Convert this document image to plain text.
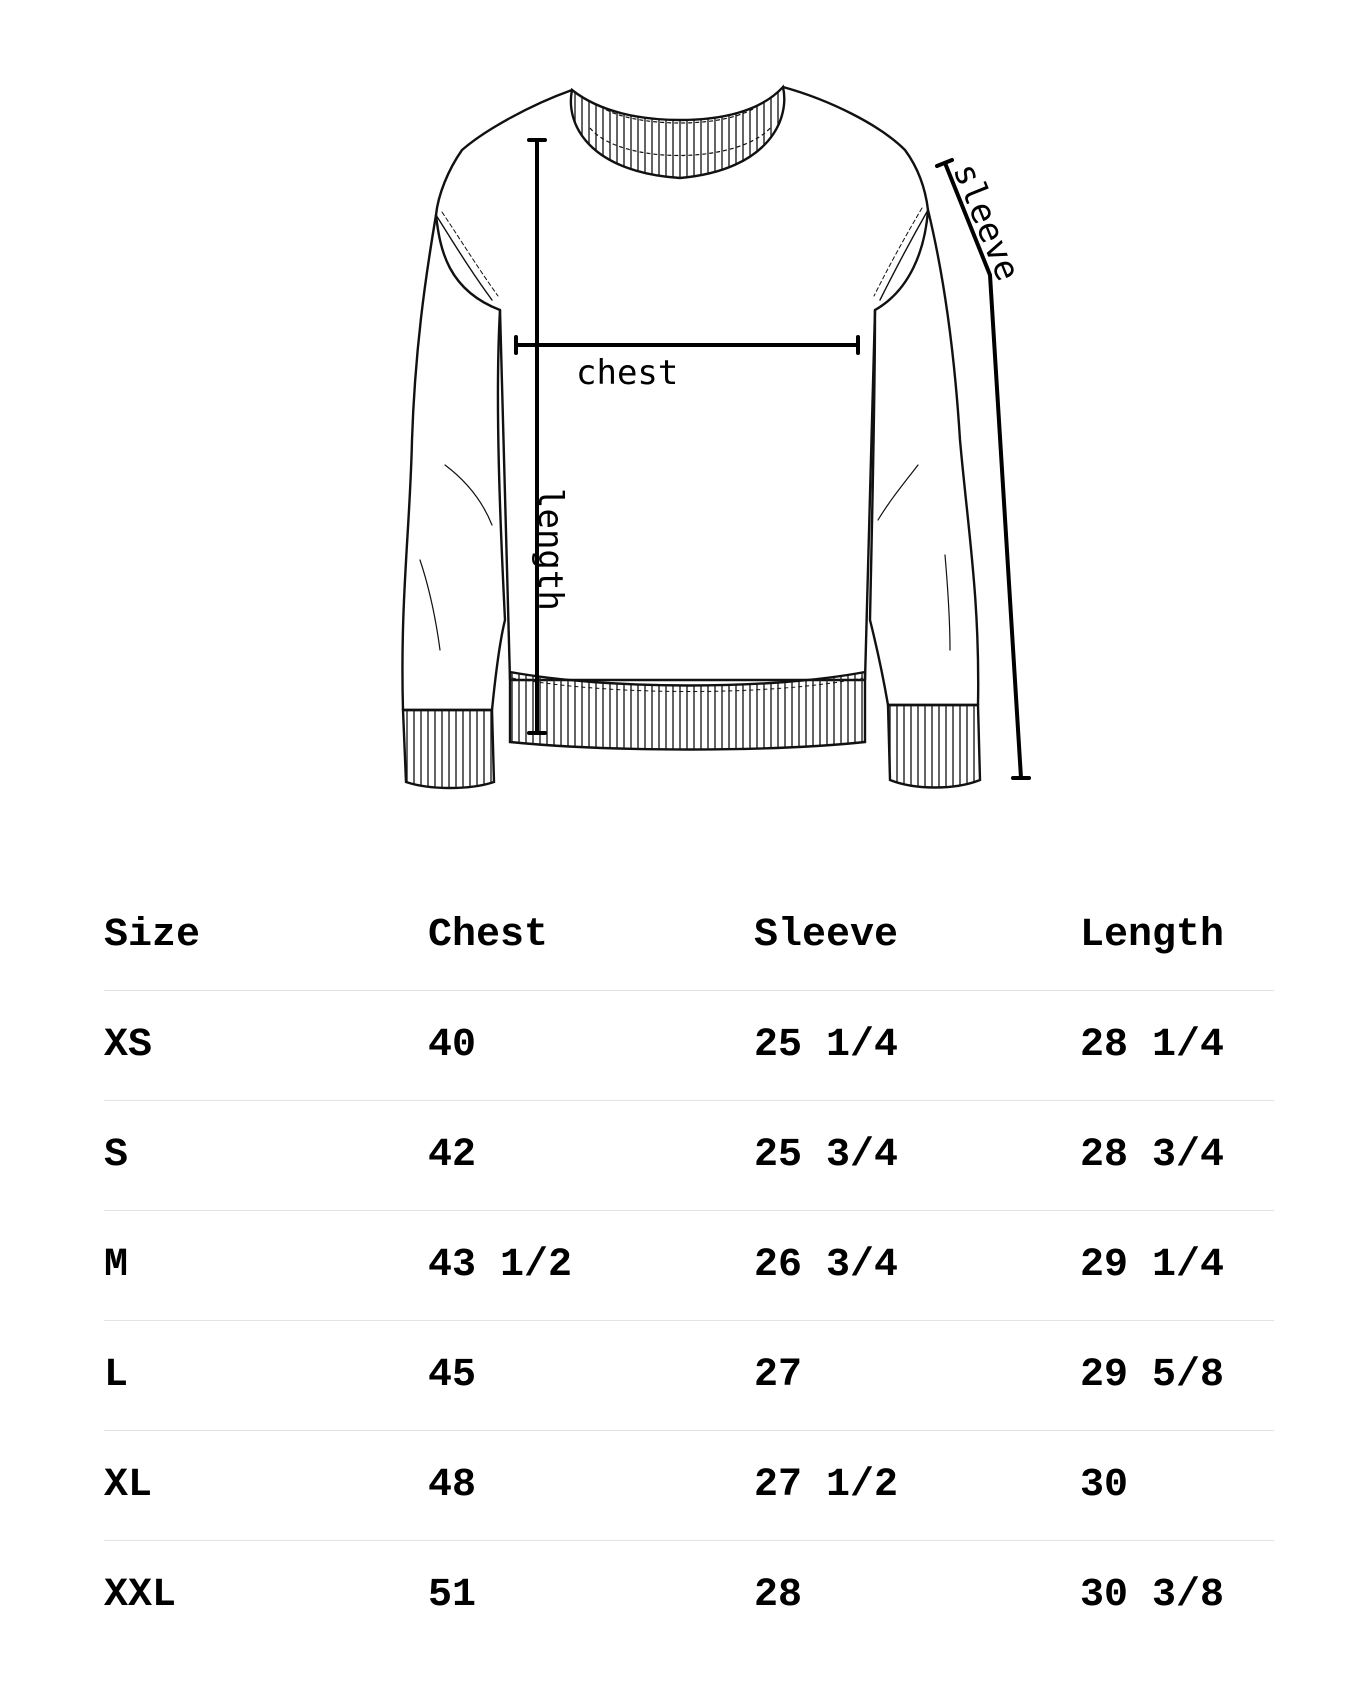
chest
length
sleeve
Size	Chest	Sleeve	Length
XS	40	25 1/4	28 1/4
S	42	25 3/4	28 3/4
M	43 1/2	26 3/4	29 1/4
L	45	27	29 5/8
XL	48	27 1/2	30
XXL	51	28	30 3/8
